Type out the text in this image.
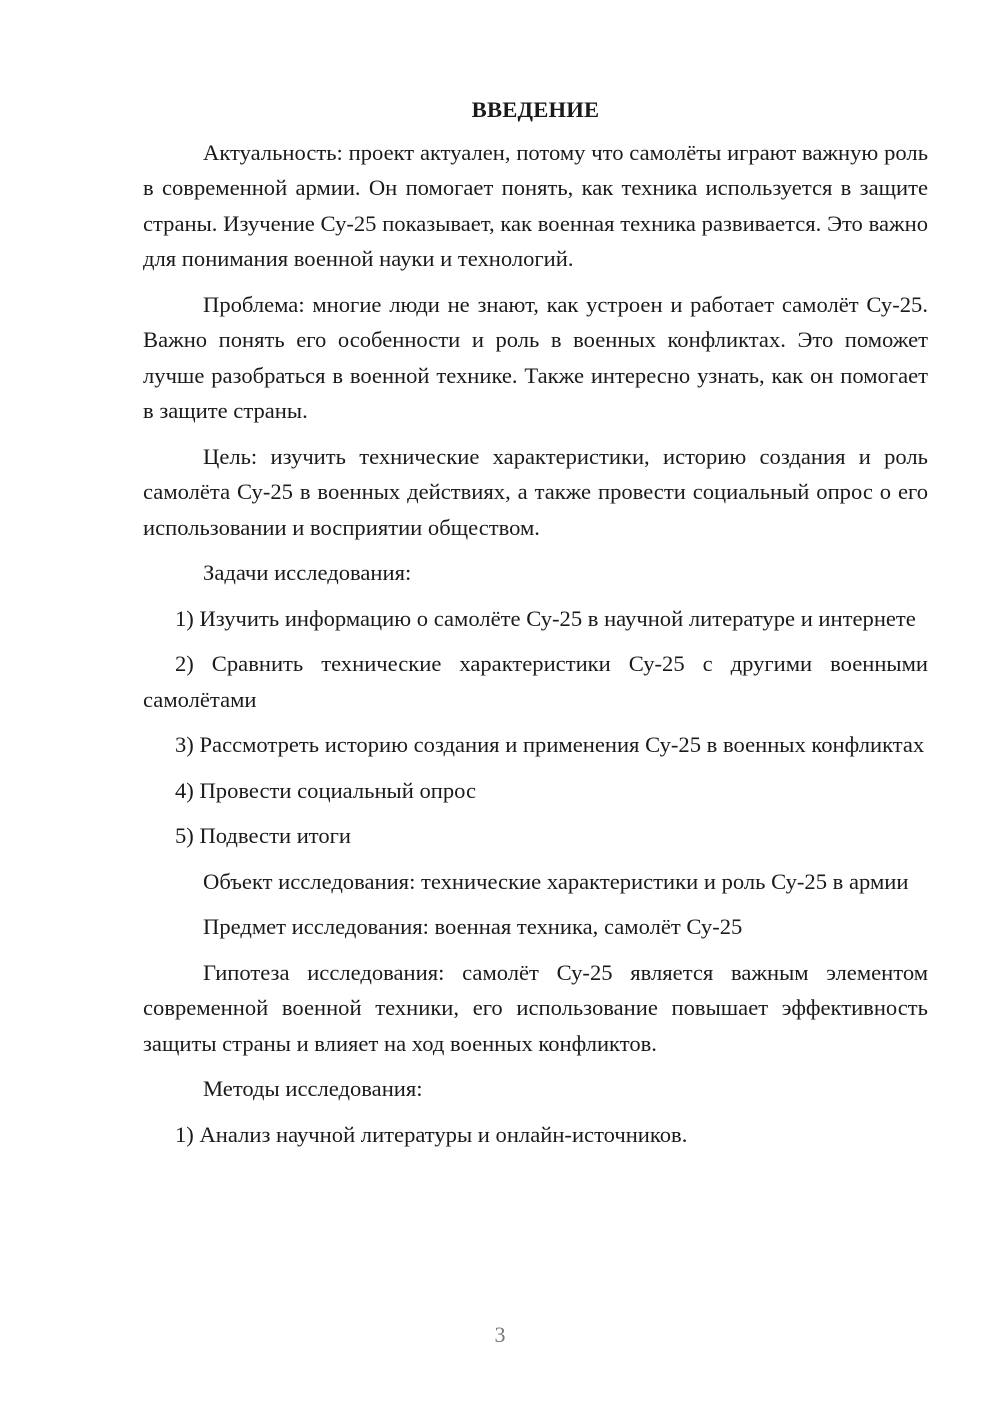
ВВЕДЕНИЕ

Актуальность: проект актуален, потому что самолёты играют важную роль в современной армии. Он помогает понять, как техника используется в защите страны. Изучение Су-25 показывает, как военная техника развивается. Это важно для понимания военной науки и технологий.

Проблема: многие люди не знают, как устроен и работает самолёт Су-25. Важно понять его особенности и роль в военных конфликтах. Это поможет лучше разобраться в военной технике. Также интересно узнать, как он помогает в защите страны.

Цель: изучить технические характеристики, историю создания и роль самолёта Су-25 в военных действиях, а также провести социальный опрос о его использовании и восприятии обществом.

Задачи исследования:

1) Изучить информацию о самолёте Су-25 в научной литературе и интернете

2) Сравнить технические характеристики Су-25 с другими военными самолётами

3) Рассмотреть историю создания и применения Су-25 в военных конфликтах

4) Провести социальный опрос

5) Подвести итоги

Объект исследования: технические характеристики и роль Су-25 в армии

Предмет исследования: военная техника, самолёт Су-25

Гипотеза исследования: самолёт Су-25 является важным элементом современной военной техники, его использование повышает эффективность защиты страны и влияет на ход военных конфликтов.

Методы исследования:

1) Анализ научной литературы и онлайн-источников.

3
